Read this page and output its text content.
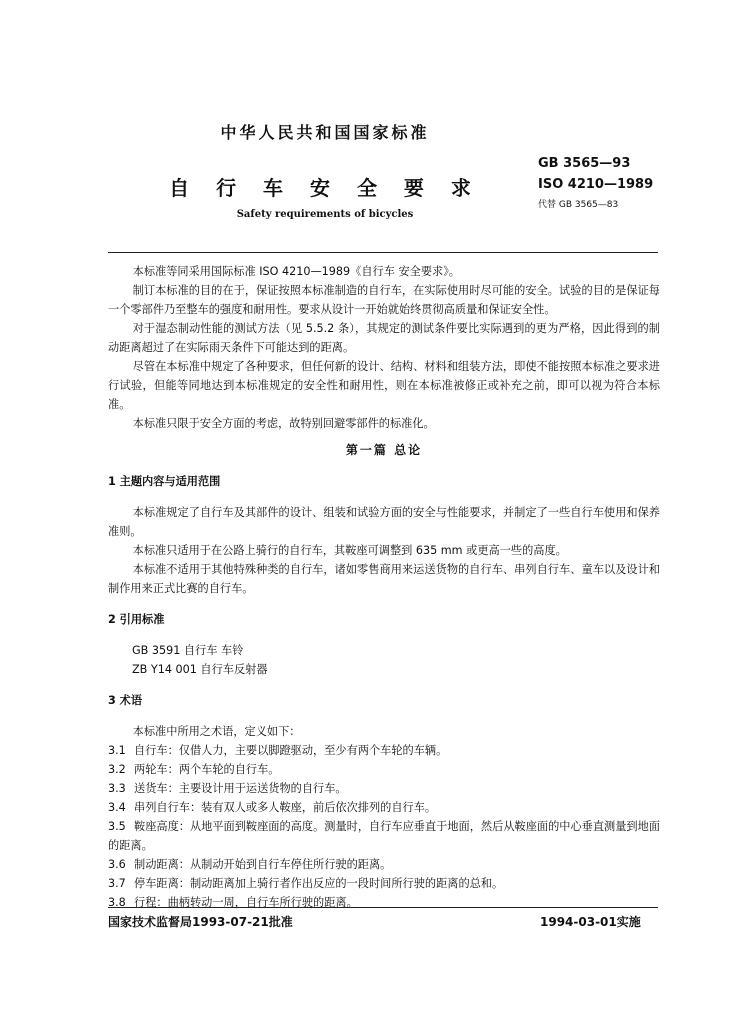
中华人民共和国国家标准
自 行 车 安 全 要 求
Safety requirements of bicycles
GB 3565—93
ISO 4210—1989
代替 GB 3565—83

本标准等同采用国际标准 ISO 4210—1989《自行车 安全要求》。

制订本标准的目的在于，保证按照本标准制造的自行车，在实际使用时尽可能的安全。试验的目的是保证每一个零部件乃至整车的强度和耐用性。要求从设计一开始就始终贯彻高质量和保证安全性。

对于湿态制动性能的测试方法（见 5.5.2 条），其规定的测试条件要比实际遇到的更为严格，因此得到的制动距离超过了在实际雨天条件下可能达到的距离。

尽管在本标准中规定了各种要求，但任何新的设计、结构、材料和组装方法，即使不能按照本标准之要求进行试验，但能等同地达到本标准规定的安全性和耐用性，则在本标准被修正或补充之前，即可以视为符合本标准。

本标准只限于安全方面的考虑，故特别回避零部件的标准化。

第一篇 总论
1 主题内容与适用范围

本标准规定了自行车及其部件的设计、组装和试验方面的安全与性能要求，并制定了一些自行车使用和保养准则。

本标准只适用于在公路上骑行的自行车，其鞍座可调整到 635 mm 或更高一些的高度。

本标准不适用于其他特殊种类的自行车，诸如零售商用来运送货物的自行车、串列自行车、童车以及设计和制作用来正式比赛的自行车。

2 引用标准

GB 3591 自行车 车铃

ZB Y14 001 自行车反射器

3 术语

本标准中所用之术语，定义如下：

3.1 自行车：仅借人力，主要以脚蹬驱动，至少有两个车轮的车辆。

3.2 两轮车：两个车轮的自行车。

3.3 送货车：主要设计用于运送货物的自行车。

3.4 串列自行车：装有双人或多人鞍座，前后依次排列的自行车。

3.5 鞍座高度：从地平面到鞍座面的高度。测量时，自行车应垂直于地面，然后从鞍座面的中心垂直测量到地面的距离。

3.6 制动距离：从制动开始到自行车停住所行驶的距离。

3.7 停车距离：制动距离加上骑行者作出反应的一段时间所行驶的距离的总和。

3.8 行程：曲柄转动一周，自行车所行驶的距离。

国家技术监督局1993-07-21批准	1994-03-01实施
